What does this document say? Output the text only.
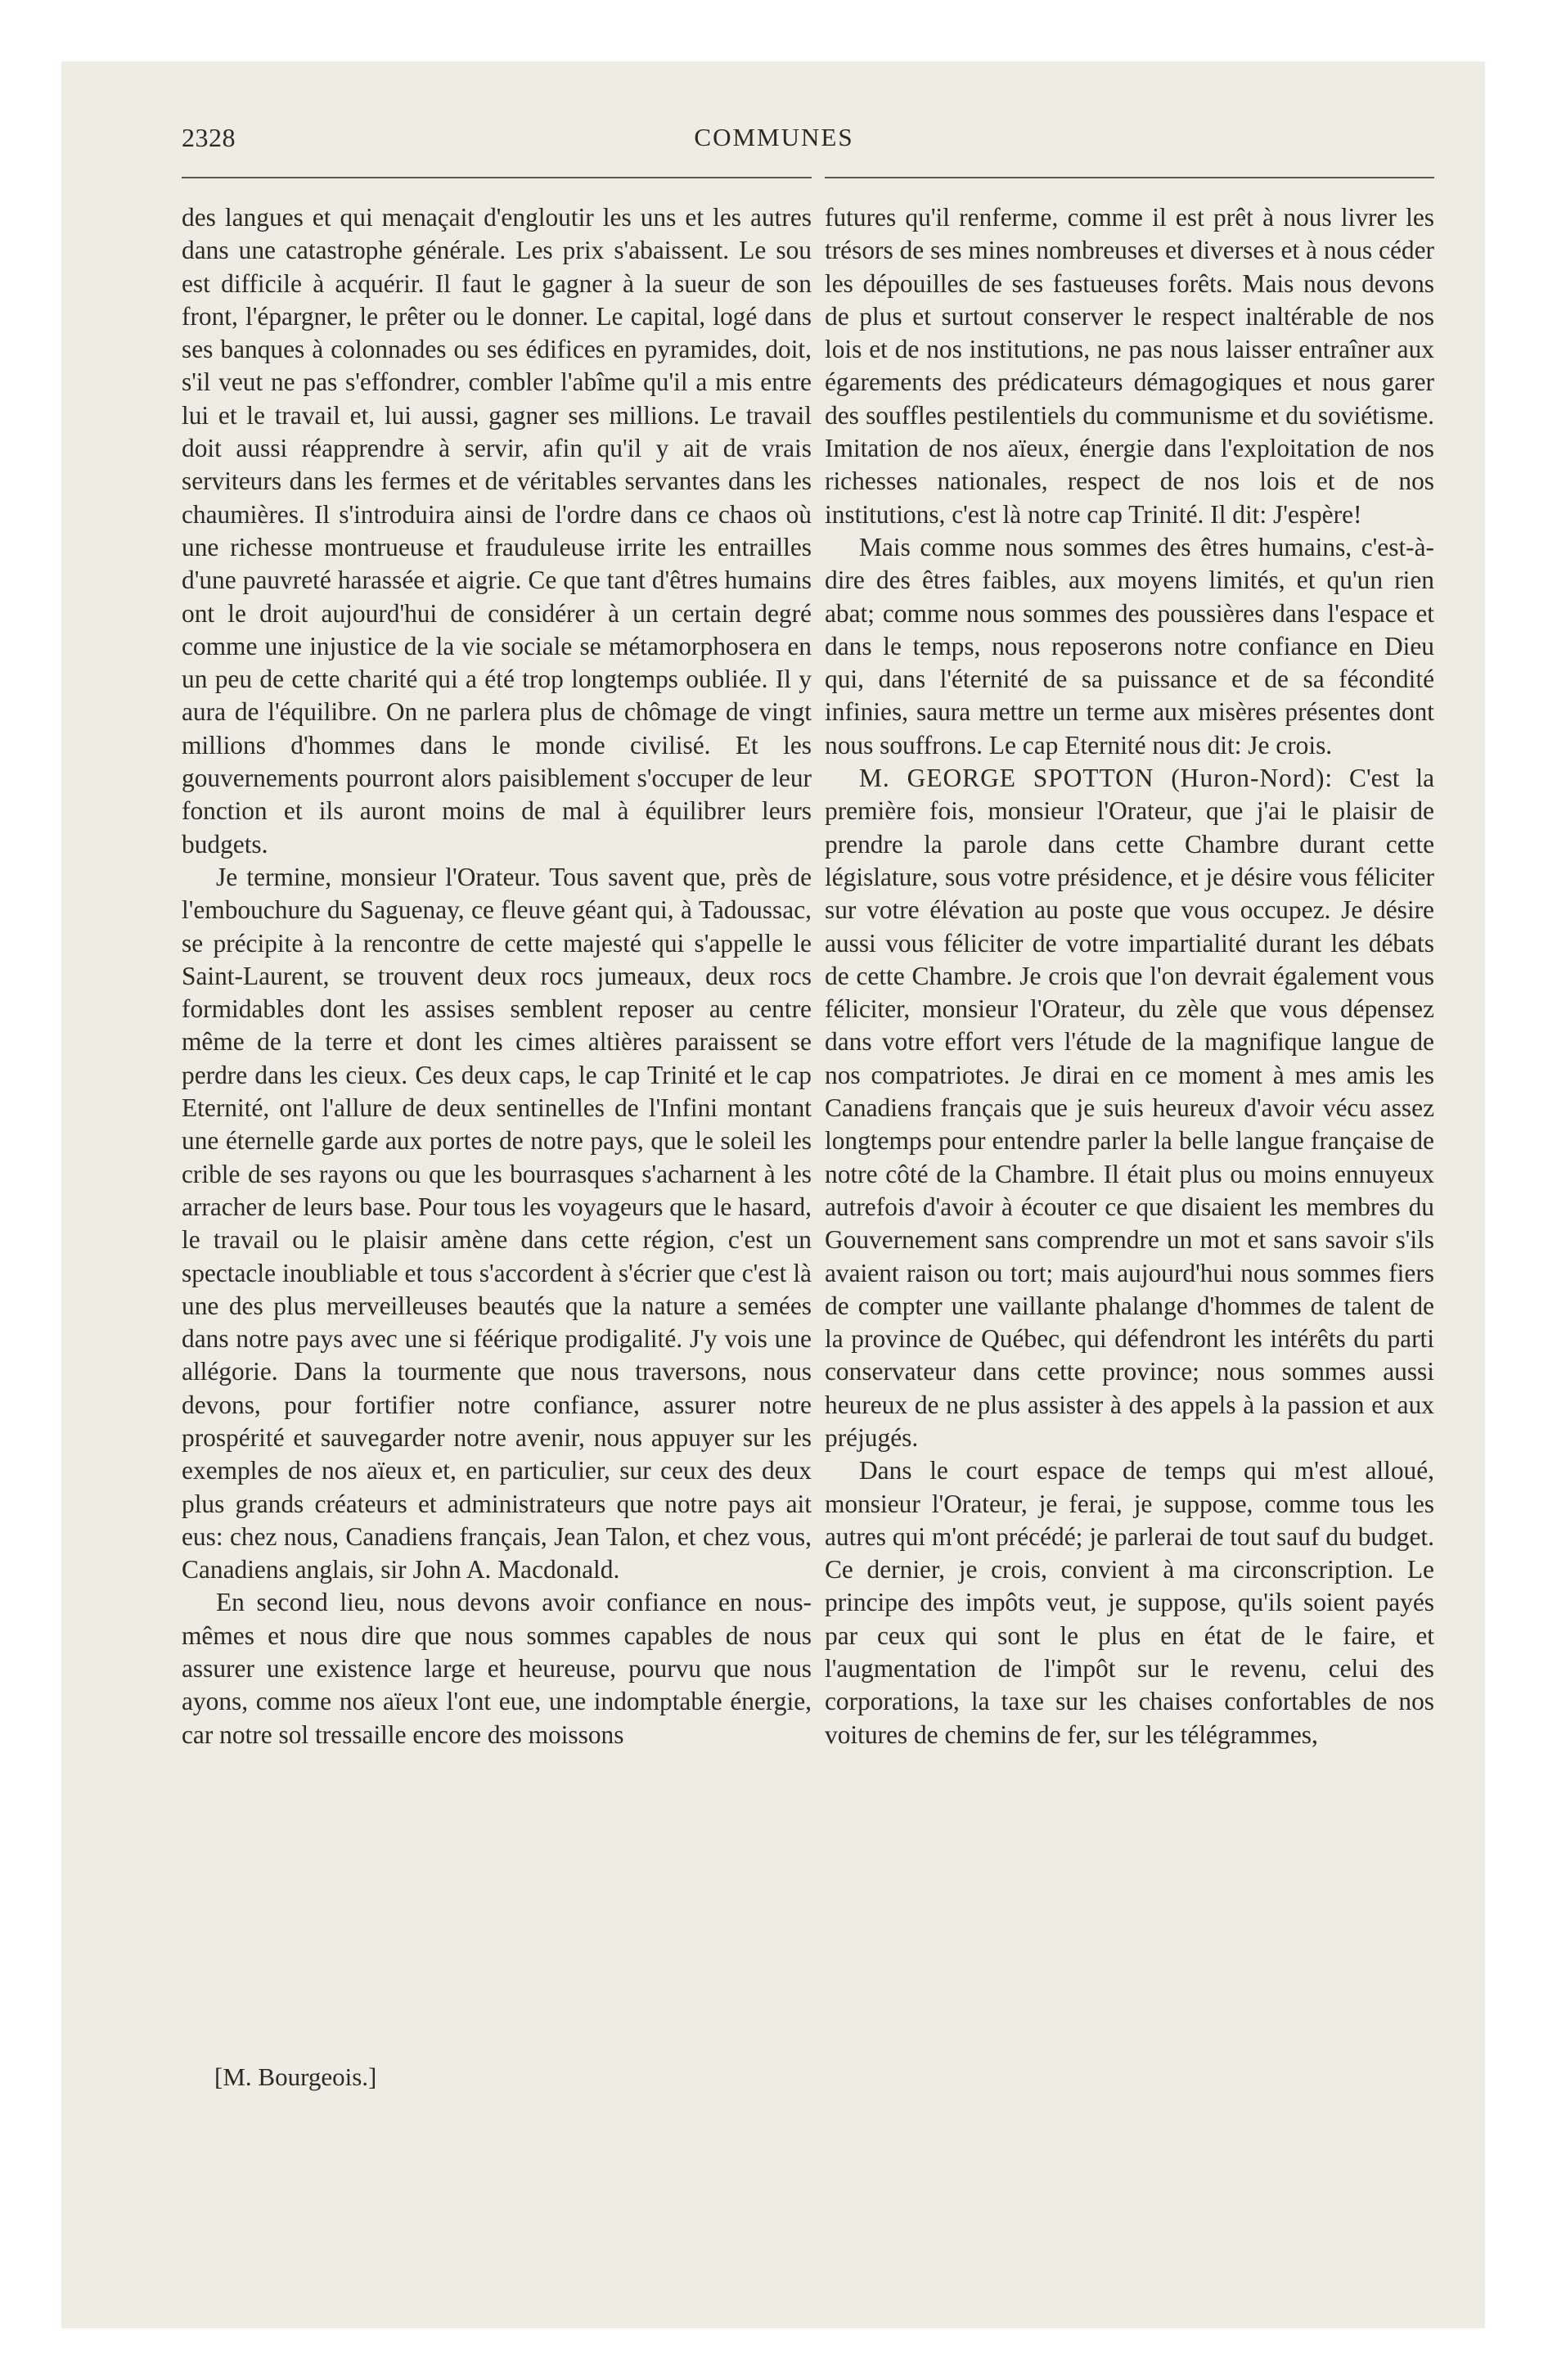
2328	COMMUNES

des langues et qui menaçait d'engloutir les uns et les autres dans une catastrophe générale. Les prix s'abaissent. Le sou est difficile à acquérir. Il faut le gagner à la sueur de son front, l'épargner, le prêter ou le donner. Le capital, logé dans ses banques à colonnades ou ses édifices en pyramides, doit, s'il veut ne pas s'effondrer, combler l'abîme qu'il a mis entre lui et le travail et, lui aussi, gagner ses millions. Le travail doit aussi réapprendre à servir, afin qu'il y ait de vrais serviteurs dans les fermes et de véritables servantes dans les chaumières. Il s'introduira ainsi de l'ordre dans ce chaos où une richesse montrueuse et frauduleuse irrite les entrailles d'une pauvreté harassée et aigrie. Ce que tant d'êtres humains ont le droit aujourd'hui de considérer à un certain degré comme une injustice de la vie sociale se métamorphosera en un peu de cette charité qui a été trop longtemps oubliée. Il y aura de l'équilibre. On ne parlera plus de chômage de vingt millions d'hommes dans le monde civilisé. Et les gouvernements pourront alors paisiblement s'occuper de leur fonction et ils auront moins de mal à équilibrer leurs budgets.

Je termine, monsieur l'Orateur. Tous savent que, près de l'embouchure du Saguenay, ce fleuve géant qui, à Tadoussac, se précipite à la rencontre de cette majesté qui s'appelle le Saint-Laurent, se trouvent deux rocs jumeaux, deux rocs formidables dont les assises semblent reposer au centre même de la terre et dont les cimes altières paraissent se perdre dans les cieux. Ces deux caps, le cap Trinité et le cap Eternité, ont l'allure de deux sentinelles de l'Infini montant une éternelle garde aux portes de notre pays, que le soleil les crible de ses rayons ou que les bourrasques s'acharnent à les arracher de leurs base. Pour tous les voyageurs que le hasard, le travail ou le plaisir amène dans cette région, c'est un spectacle inoubliable et tous s'accordent à s'écrier que c'est là une des plus merveilleuses beautés que la nature a semées dans notre pays avec une si féérique prodigalité. J'y vois une allégorie. Dans la tourmente que nous traversons, nous devons, pour fortifier notre confiance, assurer notre prospérité et sauvegarder notre avenir, nous appuyer sur les exemples de nos aïeux et, en particulier, sur ceux des deux plus grands créateurs et administrateurs que notre pays ait eus: chez nous, Canadiens français, Jean Talon, et chez vous, Canadiens anglais, sir John A. Macdonald.

En second lieu, nous devons avoir confiance en nous-mêmes et nous dire que nous sommes capables de nous assurer une existence large et heureuse, pourvu que nous ayons, comme nos aïeux l'ont eue, une indomptable énergie, car notre sol tressaille encore des moissons

futures qu'il renferme, comme il est prêt à nous livrer les trésors de ses mines nombreuses et diverses et à nous céder les dépouilles de ses fastueuses forêts. Mais nous devons de plus et surtout conserver le respect inaltérable de nos lois et de nos institutions, ne pas nous laisser entraîner aux égarements des prédicateurs démagogiques et nous garer des souffles pestilentiels du communisme et du soviétisme. Imitation de nos aïeux, énergie dans l'exploitation de nos richesses nationales, respect de nos lois et de nos institutions, c'est là notre cap Trinité. Il dit: J'espère!

Mais comme nous sommes des êtres humains, c'est-à-dire des êtres faibles, aux moyens limités, et qu'un rien abat; comme nous sommes des poussières dans l'espace et dans le temps, nous reposerons notre confiance en Dieu qui, dans l'éternité de sa puissance et de sa fécondité infinies, saura mettre un terme aux misères présentes dont nous souffrons. Le cap Eternité nous dit: Je crois.

M. GEORGE SPOTTON (Huron-Nord): C'est la première fois, monsieur l'Orateur, que j'ai le plaisir de prendre la parole dans cette Chambre durant cette législature, sous votre présidence, et je désire vous féliciter sur votre élévation au poste que vous occupez. Je désire aussi vous féliciter de votre impartialité durant les débats de cette Chambre. Je crois que l'on devrait également vous féliciter, monsieur l'Orateur, du zèle que vous dépensez dans votre effort vers l'étude de la magnifique langue de nos compatriotes. Je dirai en ce moment à mes amis les Canadiens français que je suis heureux d'avoir vécu assez longtemps pour entendre parler la belle langue française de notre côté de la Chambre. Il était plus ou moins ennuyeux autrefois d'avoir à écouter ce que disaient les membres du Gouvernement sans comprendre un mot et sans savoir s'ils avaient raison ou tort; mais aujourd'hui nous sommes fiers de compter une vaillante phalange d'hommes de talent de la province de Québec, qui défendront les intérêts du parti conservateur dans cette province; nous sommes aussi heureux de ne plus assister à des appels à la passion et aux préjugés.

Dans le court espace de temps qui m'est alloué, monsieur l'Orateur, je ferai, je suppose, comme tous les autres qui m'ont précédé; je parlerai de tout sauf du budget. Ce dernier, je crois, convient à ma circonscription. Le principe des impôts veut, je suppose, qu'ils soient payés par ceux qui sont le plus en état de le faire, et l'augmentation de l'impôt sur le revenu, celui des corporations, la taxe sur les chaises confortables de nos voitures de chemins de fer, sur les télégrammes,

[M. Bourgeois.]
